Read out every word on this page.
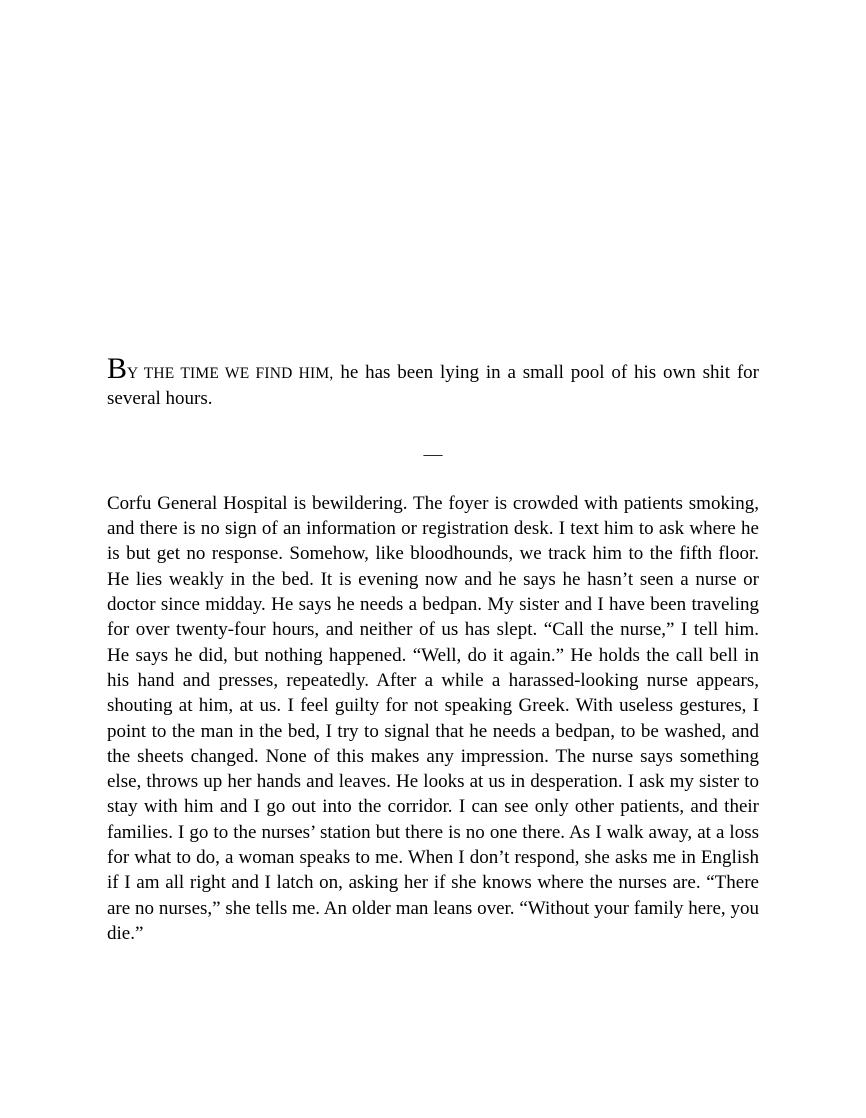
BY THE TIME WE FIND HIM, he has been lying in a small pool of his own shit for several hours.

—

Corfu General Hospital is bewildering. The foyer is crowded with patients smoking, and there is no sign of an information or registration desk. I text him to ask where he is but get no response. Somehow, like bloodhounds, we track him to the fifth floor. He lies weakly in the bed. It is evening now and he says he hasn’t seen a nurse or doctor since midday. He says he needs a bedpan. My sister and I have been traveling for over twenty-four hours, and neither of us has slept. “Call the nurse,” I tell him. He says he did, but nothing happened. “Well, do it again.” He holds the call bell in his hand and presses, repeatedly. After a while a harassed-looking nurse appears, shouting at him, at us. I feel guilty for not speaking Greek. With useless gestures, I point to the man in the bed, I try to signal that he needs a bedpan, to be washed, and the sheets changed. None of this makes any impression. The nurse says something else, throws up her hands and leaves. He looks at us in desperation. I ask my sister to stay with him and I go out into the corridor. I can see only other patients, and their families. I go to the nurses’ station but there is no one there. As I walk away, at a loss for what to do, a woman speaks to me. When I don’t respond, she asks me in English if I am all right and I latch on, asking her if she knows where the nurses are. “There are no nurses,” she tells me. An older man leans over. “Without your family here, you die.”
